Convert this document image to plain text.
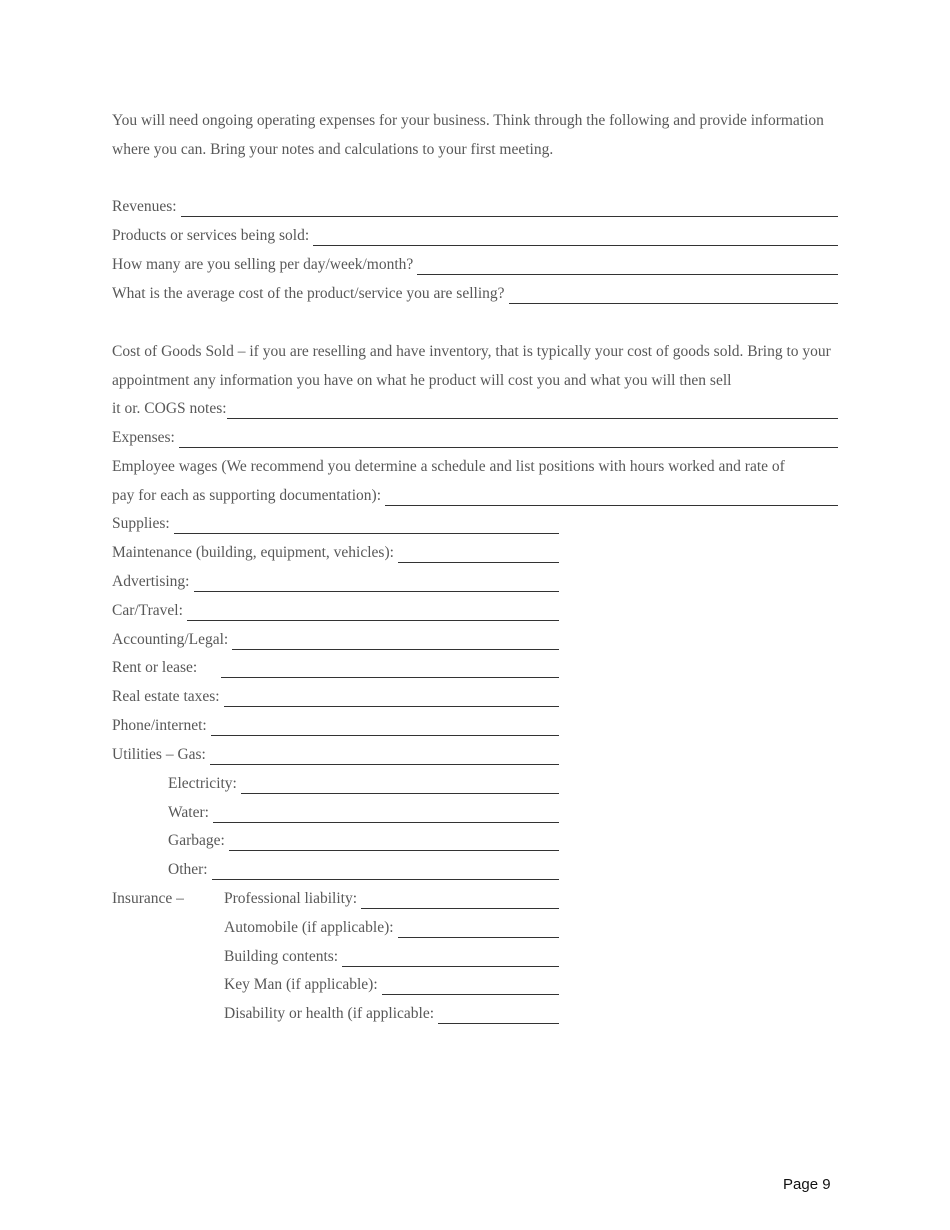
You will need ongoing operating expenses for your business. Think through the following and provide information where you can. Bring your notes and calculations to your first meeting.

Revenues:
Products or services being sold:
How many are you selling per day/week/month?
What is the average cost of the product/service you are selling?

Cost of Goods Sold – if you are reselling and have inventory, that is typically your cost of goods sold. Bring to your appointment any information you have on what he product will cost you and what you will then sell

it or. COGS notes:
Expenses:
Employee wages (We recommend you determine a schedule and list positions with hours worked and rate of
pay for each as supporting documentation):
Supplies:
Maintenance (building, equipment, vehicles):
Advertising:
Car/Travel:
Accounting/Legal:
Rent or lease:
Real estate taxes:
Phone/internet:
Utilities – Gas:
Electricity:
Water:
Garbage:
Other:
Insurance –	Professional liability:
Automobile (if applicable):
Building contents:
Key Man (if applicable):
Disability or health (if applicable:
Page 9
